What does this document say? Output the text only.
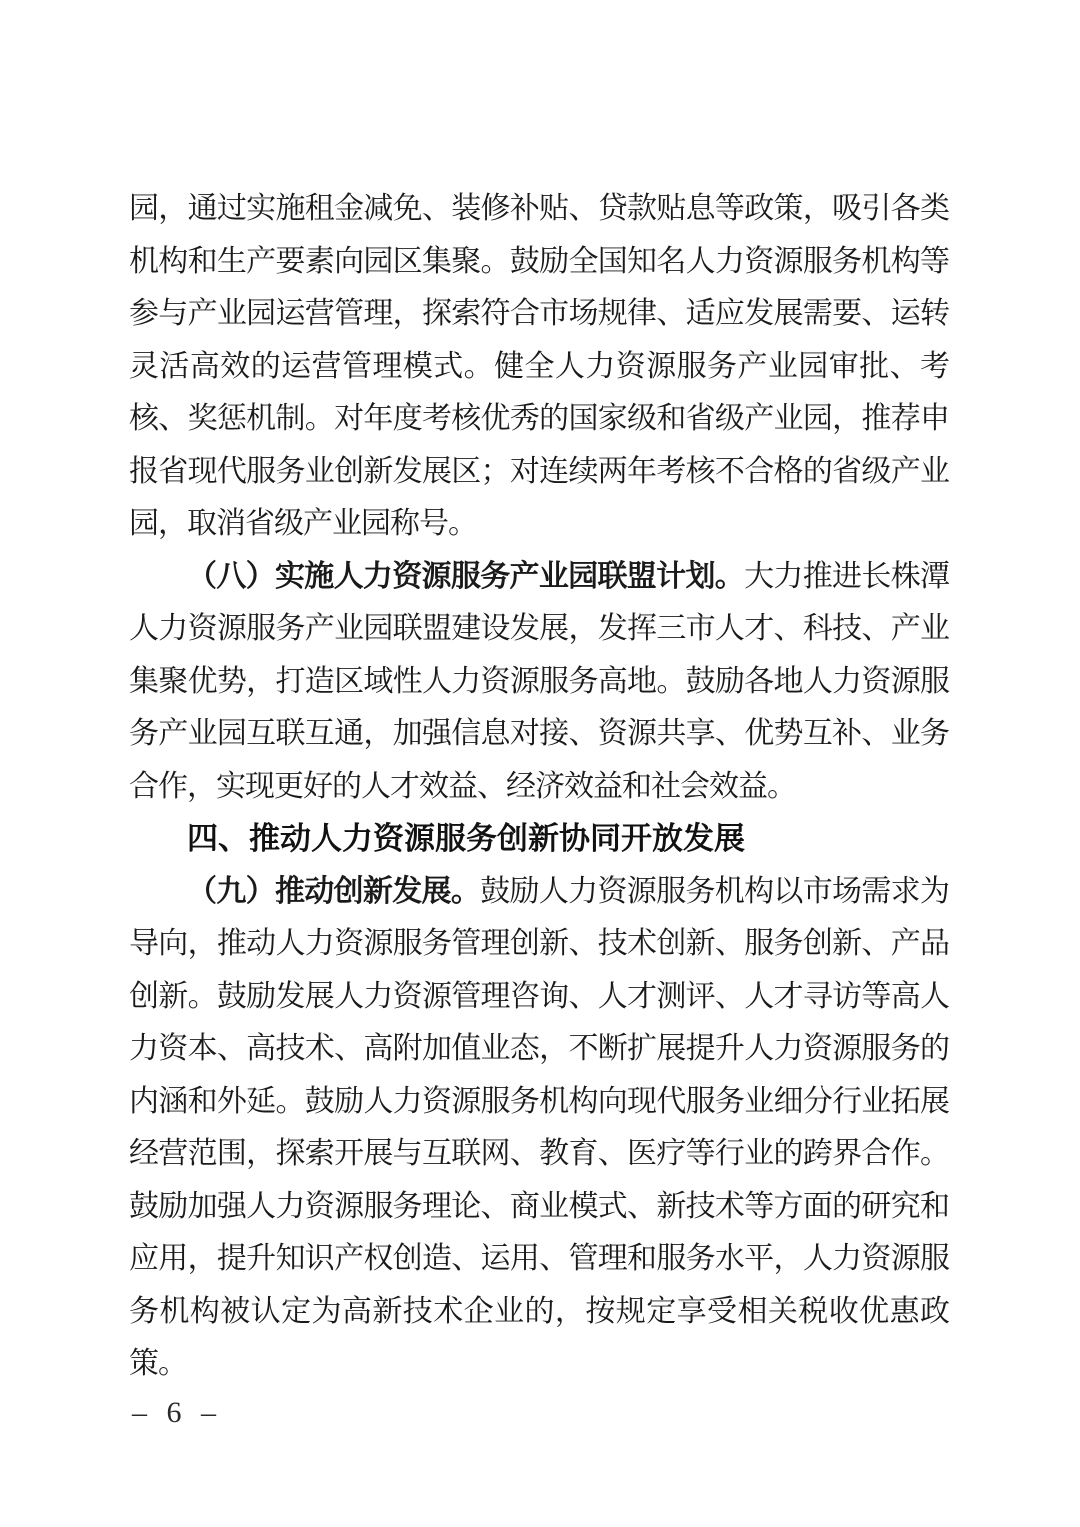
园，通过实施租金减免、装修补贴、贷款贴息等政策，吸引各类机构和生产要素向园区集聚。鼓励全国知名人力资源服务机构等参与产业园运营管理，探索符合市场规律、适应发展需要、运转灵活高效的运营管理模式。健全人力资源服务产业园审批、考核、奖惩机制。对年度考核优秀的国家级和省级产业园，推荐申报省现代服务业创新发展区；对连续两年考核不合格的省级产业园，取消省级产业园称号。

（八）实施人力资源服务产业园联盟计划。大力推进长株潭人力资源服务产业园联盟建设发展，发挥三市人才、科技、产业集聚优势，打造区域性人力资源服务高地。鼓励各地人力资源服务产业园互联互通，加强信息对接、资源共享、优势互补、业务合作，实现更好的人才效益、经济效益和社会效益。

四、推动人力资源服务创新协同开放发展

（九）推动创新发展。鼓励人力资源服务机构以市场需求为导向，推动人力资源服务管理创新、技术创新、服务创新、产品创新。鼓励发展人力资源管理咨询、人才测评、人才寻访等高人力资本、高技术、高附加值业态，不断扩展提升人力资源服务的内涵和外延。鼓励人力资源服务机构向现代服务业细分行业拓展经营范围，探索开展与互联网、教育、医疗等行业的跨界合作。鼓励加强人力资源服务理论、商业模式、新技术等方面的研究和应用，提升知识产权创造、运用、管理和服务水平，人力资源服务机构被认定为高新技术企业的，按规定享受相关税收优惠政策。

– 6 –
